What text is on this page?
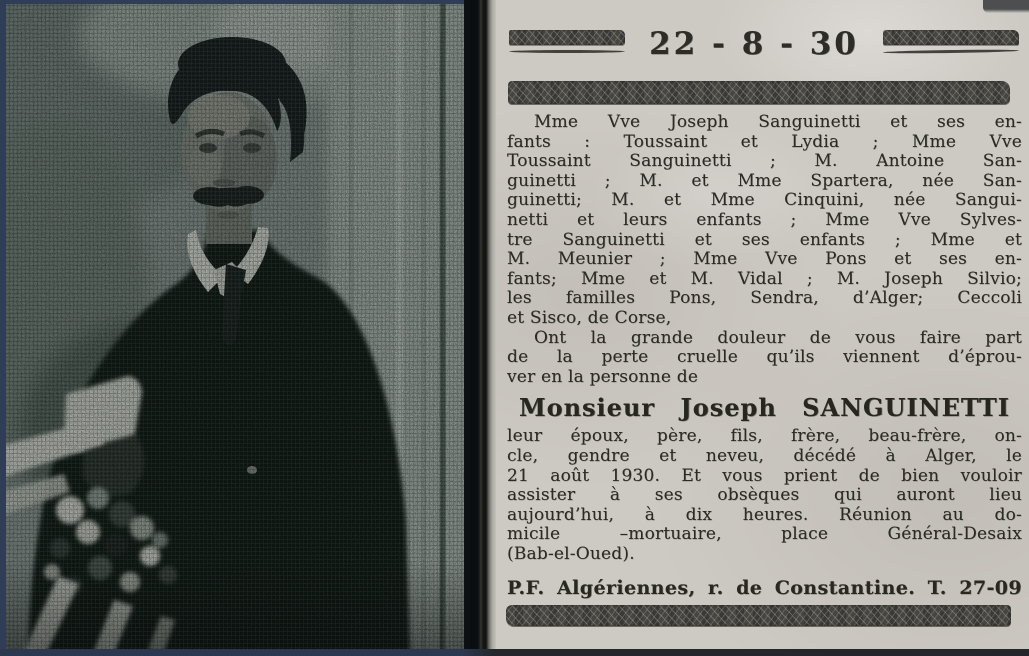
22 - 8 - 30
Mme Vve Joseph Sanguinetti et ses en-
fants : Toussaint et Lydia ; Mme Vve
Toussaint Sanguinetti ; M. Antoine San-
guinetti ; M. et Mme Spartera, née San-
guinetti; M. et Mme Cinquini, née Sangui-
netti et leurs enfants ; Mme Vve Sylves-
tre Sanguinetti et ses enfants ; Mme et
M. Meunier ; Mme Vve Pons et ses en-
fants; Mme et M. Vidal ; M. Joseph Silvio;
les familles Pons, Sendra, d’Alger; Ceccoli
et Sisco, de Corse,
Ont la grande douleur de vous faire part
de la perte cruelle qu’ils viennent d’éprou-
ver en la personne de
Monsieur Joseph SANGUINETTI
leur époux, père, fils, frère, beau-frère, on-
cle, gendre et neveu, décédé à Alger, le
21 août 1930. Et vous prient de bien vouloir
assister à ses obsèques qui auront lieu
aujourd’hui, à dix heures. Réunion au do-
micile –mortuaire, place Général-Desaix
(Bab-el-Oued).
P.F. Algériennes, r. de Constantine. T. 27-09
